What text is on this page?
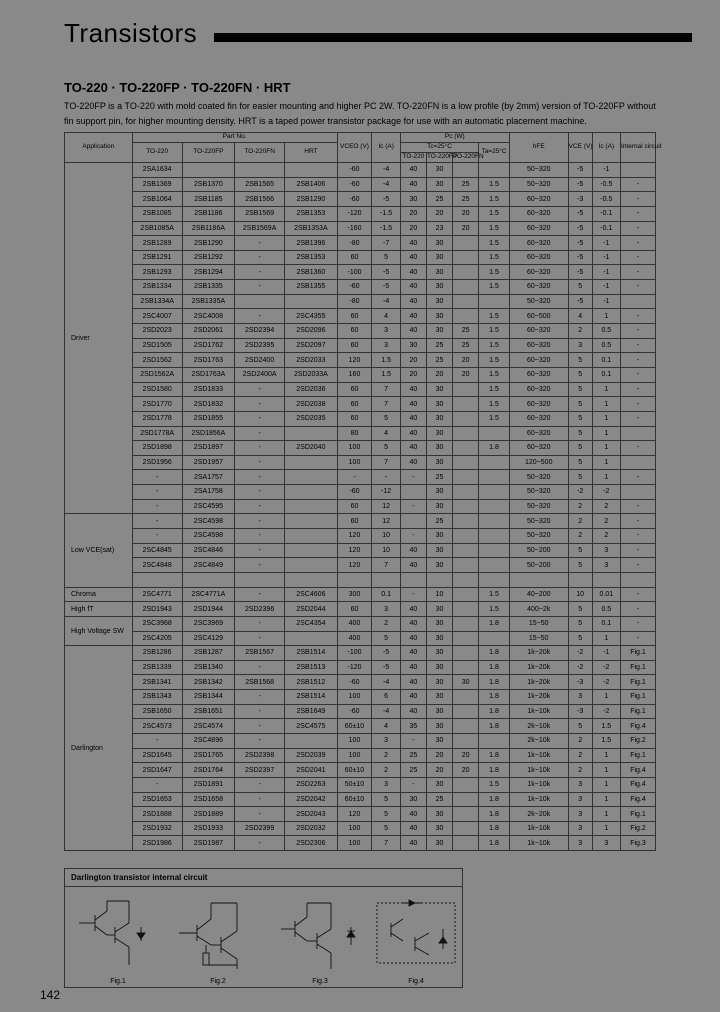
Transistors
TO-220 · TO-220FP · TO-220FN · HRT

TO-220FP is a TO-220 with mold coated fin for easier mounting and higher PC 2W. TO-220FN is a low profile (by 2mm) version of TO-220FP without

fin support pin, for higher mounting density. HRT is a taped power transistor package for use with an automatic placement machine.

Application	Part No.				VCEO (V)	Ic (A)	Pc (W)				hFE	VCE (V)	Ic (A)	Internal circuit
	TO-220	TO-220FP	TO-220FN	HRT			Tc=25°C			Ta=25°C				
							TO-220	TO-220FP	TO-220FN					
Driver	2SA1634				-60	-4	40	30			50~320	-5	-1	
	2SB1369	2SB1370	2SB1565	2SB1406	-60	-4	40	30	25	1.5	50~320	-5	-0.5	-
	2SB1064	2SB1185	2SB1566	2SB1290	-60	-5	30	25	25	1.5	60~320	-3	-0.5	-
	2SB1085	2SB1186	2SB1569	2SB1353	-120	-1.5	20	20	20	1.5	60~320	-5	-0.1	-
	2SB1085A	2SB1186A	2SB1569A	2SB1353A	-160	-1.5	20	23	20	1.5	60~320	-5	-0.1	-
	2SB1289	2SB1290	-	2SB1396	-80	-7	40	30		1.5	60~320	-5	-1	-
	2SB1291	2SB1292	-	2SB1353	60	5	40	30		1.5	60~320	-5	-1	-
	2SB1293	2SB1294	-	2SB1360	-100	-5	40	30		1.5	60~320	-5	-1	-
	2SB1334	2SB1335	-	2SB1355	-60	-5	40	30		1.5	60~320	5	-1	-
	2SB1334A	2SB1335A			-80	-4	40	30			50~320	-5	-1	
	2SC4007	2SC4008	-	2SC4355	60	4	40	30		1.5	60~500	4	1	-
	2SD2023	2SD2061	2SD2394	2SD2096	60	3	40	30	25	1.5	60~320	2	0.5	-
	2SD1505	2SD1762	2SD2395	2SD2097	60	3	30	25	25	1.5	60~320	3	0.5	-
	2SD1562	2SD1763	2SD2400	2SD2033	120	1.5	20	25	20	1.5	60~320	5	0.1	-
	2SD1562A	2SD1763A	2SD2400A	2SD2033A	160	1.5	20	20	20	1.5	60~320	5	0.1	-
	2SD1580	2SD1833	-	2SD2036	60	7	40	30		1.5	60~320	5	1	-
	2SD1770	2SD1832	-	2SD2038	60	7	40	30		1.5	60~320	5	1	-
	2SD1778	2SD1855	-	2SD2035	60	5	40	30		1.5	60~320	5	1	-
	2SD1778A	2SD1856A	-		80	4	40	30			60~320	5	1	
	2SD1898	2SD1897	-	2SD2040	100	5	40	30		1.8	60~320	5	1	-
	2SD1956	2SD1957	-		100	7	40	30			120~500	5	1	
	-	2SA1757	-		-	-	-	25			50~320	5	1	-
	-	2SA1758	-		-60	-12		30			50~320	-2	-2	
	-	2SC4595	-		60	12	-	30			50~320	2	2	-
Low VCE(sat)	-	2SC4598	-		60	12		25			50~320	2	2	-
	-	2SC4598	-		120	10	-	30			50~320	2	2	-
	2SC4845	2SC4846	-		120	10	40	30			50~200	5	3	-
	2SC4848	2SC4849	-		120	7	40	30			50~200	5	3	-

Chroma	2SC4771	2SC4771A	-	2SC4606	300	0.1	-	10		1.5	40~200	10	0.01	-
High fT	2SD1943	2SD1944	2SD2396	2SD2044	60	3	40	30		1.5	400~2k	5	0.5	-
High Voltage SW	2SC3968	2SC3969	-	2SC4354	400	2	40	30		1.8	15~50	5	0.1	-
	2SC4205	2SC4129	-		400	5	40	30			15~50	5	1	-
Darlington	2SB1286	2SB1287	2SB1567	2SB1514	-100	-5	40	30		1.8	1k~20k	-2	-1	Fig.1
	2SB1339	2SB1340	-	2SB1513	-120	-5	40	30		1.8	1k~20k	-2	-2	Fig.1
	2SB1341	2SB1342	2SB1568	2SB1512	-60	-4	40	30	30	1.8	1k~20k	-3	-2	Fig.1
	2SB1343	2SB1344	-	2SB1514	100	6	40	30		1.8	1k~20k	3	1	Fig.1
	2SB1650	2SB1651	-	2SB1649	-60	-4	40	30		1.8	1k~10k	-3	-2	Fig.1
	2SC4573	2SC4574	-	2SC4575	60±10	4	35	30		1.8	2k~10k	5	1.5	Fig.4
	-	2SC4896	-		100	3	-	30			2k~10k	2	1.5	Fig.2
	2SD1645	2SD1765	2SD2398	2SD2039	100	2	25	20	20	1.8	1k~10k	2	1	Fig.1
	2SD1647	2SD1764	2SD2397	2SD2041	60±10	2	25	20	20	1.8	1k~10k	2	1	Fig.4
	-	2SD1891	-	2SD2263	50±10	3	-	30		1.5	1k~10k	3	1	Fig.4
	2SD1653	2SD1658	-	2SD2042	60±10	5	30	25		1.8	1k~10k	3	1	Fig.4
	2SD1888	2SD1889	-	2SD2043	120	5	40	30		1.8	2k~20k	3	1	Fig.1
	2SD1932	2SD1933	2SD2399	2SD2032	100	5	40	30		1.8	1k~10k	3	1	Fig.2
	2SD1986	2SD1987	-	2SD2306	100	7	40	30		1.8	1k~10k	3	3	Fig.3
Darlington transistor internal circuit
Fig.1	Fig.2	Fig.3	Fig.4
142
